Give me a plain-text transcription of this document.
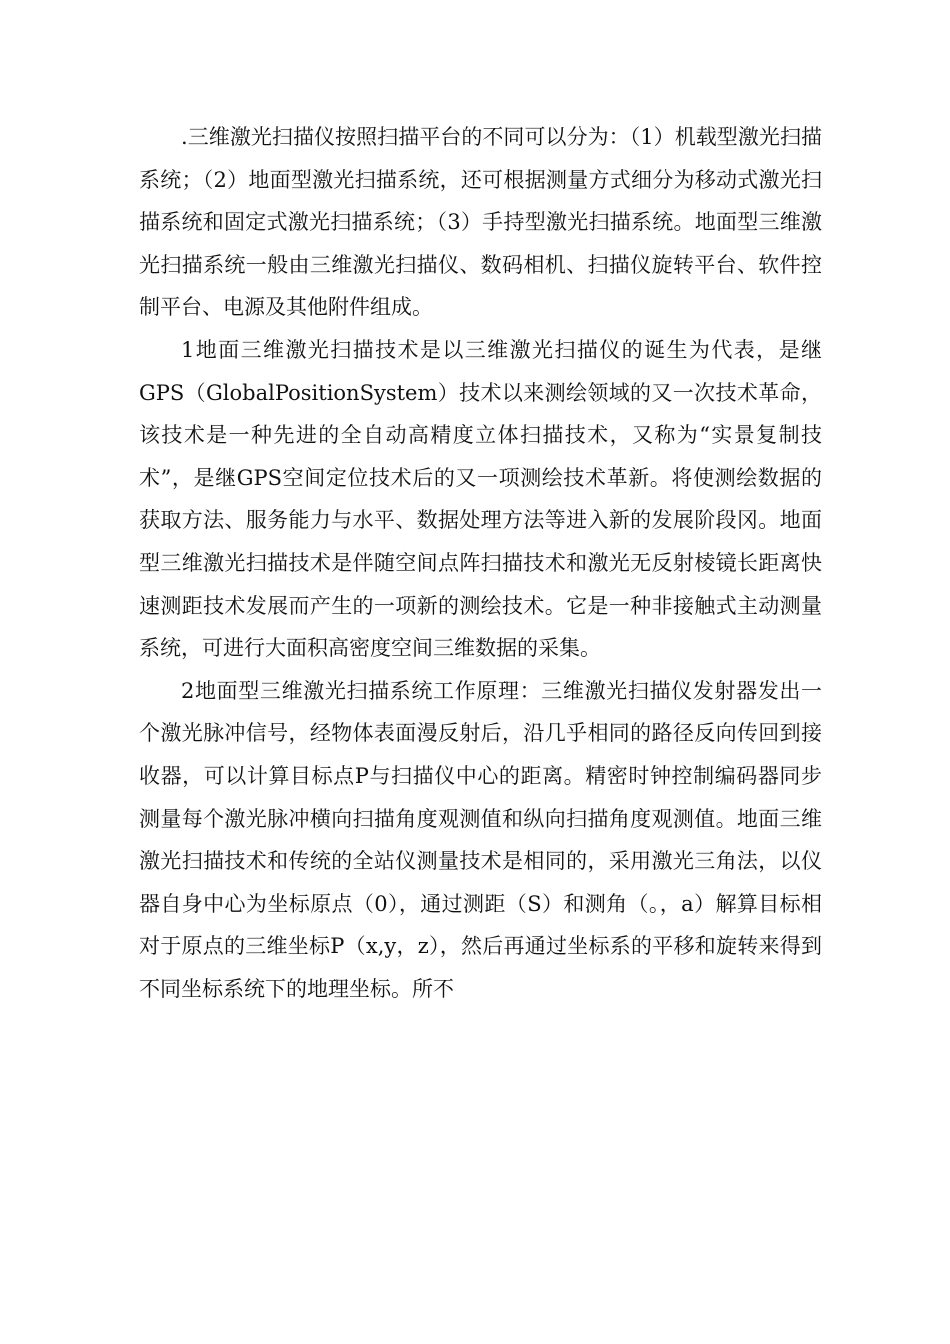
.三维激光扫描仪按照扫描平台的不同可以分为：（1）机载型激光扫描系统；（2）地面型激光扫描系统，还可根据测量方式细分为移动式激光扫描系统和固定式激光扫描系统；（3）手持型激光扫描系统。地面型三维激光扫描系统一般由三维激光扫描仪、数码相机、扫描仪旋转平台、软件控制平台、电源及其他附件组成。

1地面三维激光扫描技术是以三维激光扫描仪的诞生为代表，是继GPS（GlobalPositionSystem）技术以来测绘领域的又一次技术革命，该技术是一种先进的全自动高精度立体扫描技术，又称为“实景复制技术”，是继GPS空间定位技术后的又一项测绘技术革新。将使测绘数据的获取方法、服务能力与水平、数据处理方法等进入新的发展阶段冈。地面型三维激光扫描技术是伴随空间点阵扫描技术和激光无反射棱镜长距离快速测距技术发展而产生的一项新的测绘技术。它是一种非接触式主动测量系统，可进行大面积高密度空间三维数据的采集。

2地面型三维激光扫描系统工作原理：三维激光扫描仪发射器发出一个激光脉冲信号，经物体表面漫反射后，沿几乎相同的路径反向传回到接收器，可以计算目标点P与扫描仪中心的距离。精密时钟控制编码器同步测量每个激光脉冲横向扫描角度观测值和纵向扫描角度观测值。地面三维激光扫描技术和传统的全站仪测量技术是相同的，采用激光三角法，以仪器自身中心为坐标原点（0），通过测距（S）和测角（。，a）解算目标相对于原点的三维坐标P（x,y，z），然后再通过坐标系的平移和旋转来得到不同坐标系统下的地理坐标。所不
